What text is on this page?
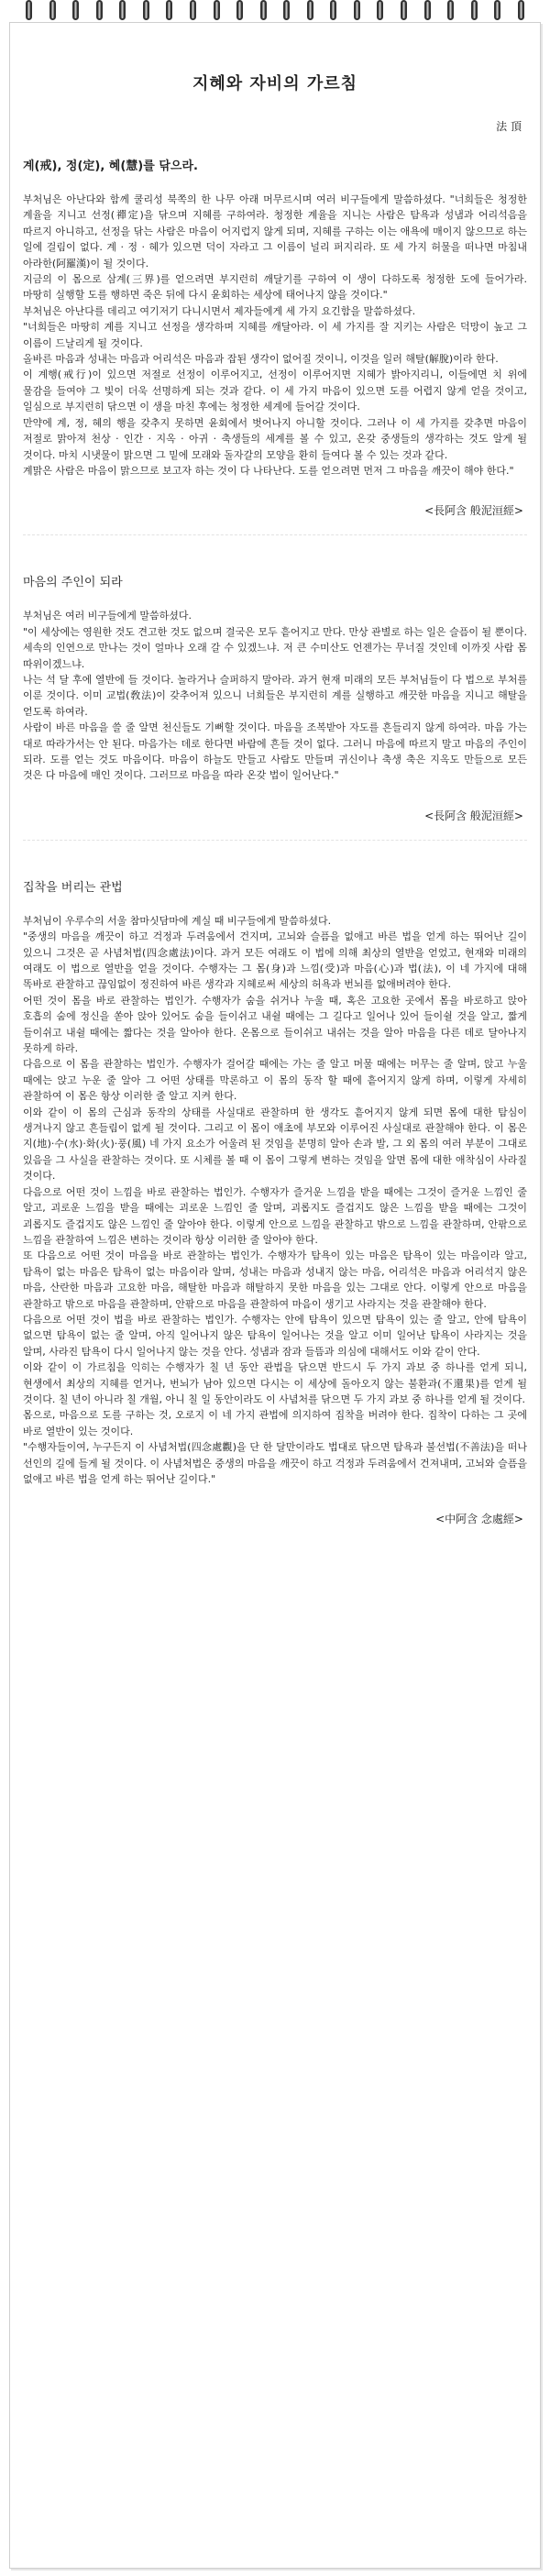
지혜와 자비의 가르침
法 頂
계(戒), 정(定), 혜(慧)를 닦으라.

부처님은 아난다와 함께 쿨리성 북쪽의 한 나무 아래 머무르시며 여러 비구들에게 말씀하셨다. "너희들은 청정한 계율을 지니고 선정(禪定)을 닦으며 지혜를 구하여라. 청정한 계율을 지니는 사람은 탐욕과 성냄과 어리석음을 따르지 아니하고, 선정을 닦는 사람은 마음이 어지럽지 않게 되며, 지혜를 구하는 이는 애욕에 매이지 않으므로 하는 일에 걸림이 없다. 계 · 정 · 혜가 있으면 덕이 자라고 그 이름이 널리 퍼지리라. 또 세 가지 허물을 떠나면 마침내 아라한(阿羅漢)이 될 것이다.

지금의 이 몸으로 삼계(三界)를 얻으려면 부지런히 깨달기를 구하여 이 생이 다하도록 청정한 도에 들어가라. 마땅히 실행할 도를 행하면 죽은 뒤에 다시 윤회하는 세상에 태어나지 않을 것이다."

부처님은 아난다를 데리고 여기저기 다니시면서 제자들에게 세 가지 요긴함을 말씀하셨다.

"너희들은 마땅히 계를 지니고 선정을 생각하며 지혜를 깨달아라. 이 세 가지를 잘 지키는 사람은 덕망이 높고 그 이름이 드날리게 될 것이다.

올바른 마음과 성내는 마음과 어리석은 마음과 잡된 생각이 없어질 것이니, 이것을 일러 해탈(解脫)이라 한다.

이 계행(戒行)이 있으면 저절로 선정이 이루어지고, 선정이 이루어지면 지혜가 밝아지리니, 이들에면 치 위에 물감을 들여야 그 빛이 더욱 선명하게 되는 것과 같다. 이 세 가지 마음이 있으면 도를 어렵지 않게 얻을 것이고, 일심으로 부지런히 닦으면 이 생을 마친 후에는 청정한 세계에 들어갈 것이다.

만약에 계, 정, 혜의 행을 갖추지 못하면 윤회에서 벗어나지 아니할 것이다. 그러나 이 세 가지를 갖추면 마음이 저절로 맑아져 천상 · 인간 · 지옥 · 아귀 · 축생들의 세계를 볼 수 있고, 온갖 중생들의 생각하는 것도 알게 될 것이다. 마치 시냇물이 맑으면 그 밑에 모래와 돌자갈의 모양을 환히 들여다 볼 수 있는 것과 같다.

계맑은 사람은 마음이 맑으므로 보고자 하는 것이 다 나타난다. 도를 얻으려면 먼저 그 마음을 깨끗이 해야 한다."

<長阿含 般泥洹經>
마음의 주인이 되라

부처님은 여러 비구들에게 말씀하셨다.

"이 세상에는 영원한 것도 견고한 것도 없으며 결국은 모두 흩어지고 만다. 만상 관별로 하는 일은 슬픔이 될 뿐이다. 세속의 인연으로 만나는 것이 얼마나 오래 갈 수 있겠느냐. 저 큰 수미산도 언젠가는 무너질 것인데 이까짓 사람 몸 따위이겠느냐.

나는 석 달 후에 열반에 들 것이다. 놀라거나 슬퍼하지 말아라. 과거 현재 미래의 모든 부처님들이 다 법으로 부처를 이룬 것이다. 이미 교법(敎法)이 갖추어져 있으니 너희들은 부지런히 계를 실행하고 깨끗한 마음을 지니고 해탈을 얻도록 하여라.

사람이 바른 마음을 쓸 줄 알면 천신들도 기뻐할 것이다. 마음을 조복받아 자도를 흔들리지 않게 하여라. 마음 가는 대로 따라가서는 안 된다. 마음가는 데로 한다면 바람에 흔들 것이 없다. 그러니 마음에 따르지 말고 마음의 주인이 되라. 도를 얻는 것도 마음이다. 마음이 하늘도 만들고 사람도 만들며 귀신이나 축생 축은 지옥도 만들으로 모든 것은 다 마음에 매인 것이다. 그러므로 마음을 따라 온갖 법이 일어난다."

<長阿含 般泥洹經>
집착을 버리는 관법

부처님이 우루수의 서울 참마싯담마에 계실 때 비구들에게 말씀하셨다.

"중생의 마음을 깨끗이 하고 걱정과 두려움에서 건지며, 고뇌와 슬픔을 없애고 바른 법을 얻게 하는 뛰어난 길이 있으니 그것은 곧 사념처법(四念處法)이다. 과거 모든 여래도 이 법에 의해 최상의 열반을 얻었고, 현재와 미래의 여래도 이 법으로 열반을 얻을 것이다. 수행자는 그 몸(身)과 느낌(受)과 마음(心)과 법(法), 이 네 가지에 대해 똑바로 관찰하고 끊임없이 정진하여 바른 생각과 지혜로써 세상의 허욕과 번뇌를 없애버려야 한다.

어떤 것이 몸을 바로 관찰하는 법인가. 수행자가 숨을 쉬거나 누울 때, 혹은 고요한 곳에서 몸을 바로하고 앉아 호흡의 숨에 정신을 쏟아 앉아 있어도 숨을 들이쉬고 내쉴 때에는 그 길다고 일어나 있어 들이쉴 것을 알고, 짧게 들이쉬고 내쉴 때에는 짧다는 것을 알아야 한다. 온몸으로 들이쉬고 내쉬는 것을 알아 마음을 다른 데로 달아나지 못하게 하라.

다음으로 이 몸을 관찰하는 법인가. 수행자가 걸어갈 때에는 가는 줄 알고 머물 때에는 머무는 줄 알며, 앉고 누울 때에는 앉고 누운 줄 알아 그 어떤 상태를 막론하고 이 몸의 동작 할 때에 흩어지지 않게 하며, 이렇게 자세히 관찰하여 이 몸은 항상 이러한 줄 알고 지켜 한다.

이와 같이 이 몸의 근심과 동작의 상태를 사실대로 관찰하며 한 생각도 흩어지지 않게 되면 몸에 대한 탐심이 생겨나지 않고 흔들림이 없게 될 것이다. 그리고 이 몸이 애초에 부모와 이루어진 사실대로 관찰해야 한다. 이 몸은 지(地)·수(水)·화(火)·풍(風) 네 가지 요소가 어울려 된 것임을 분명히 알아 손과 발, 그 외 몸의 여러 부분이 그대로 있음을 그 사실을 관찰하는 것이다. 또 시체를 볼 때 이 몸이 그렇게 변하는 것임을 알면 몸에 대한 애착심이 사라질 것이다.

다음으로 어떤 것이 느낌을 바로 관찰하는 법인가. 수행자가 즐거운 느낌을 받을 때에는 그것이 즐거운 느낌인 줄 알고, 괴로운 느낌을 받을 때에는 괴로운 느낌인 줄 알며, 괴롭지도 즐겁지도 않은 느낌을 받을 때에는 그것이 괴롭지도 즐겁지도 않은 느낌인 줄 알아야 한다. 이렇게 안으로 느낌을 관찰하고 밖으로 느낌을 관찰하며, 안팎으로 느낌을 관찰하여 느낌은 변하는 것이라 항상 이러한 줄 알아야 한다.

또 다음으로 어떤 것이 마음을 바로 관찰하는 법인가. 수행자가 탐욕이 있는 마음은 탐욕이 있는 마음이라 알고, 탐욕이 없는 마음은 탐욕이 없는 마음이라 알며, 성내는 마음과 성내지 않는 마음, 어리석은 마음과 어리석지 않은 마음, 산란한 마음과 고요한 마음, 해탈한 마음과 해탈하지 못한 마음을 있는 그대로 안다. 이렇게 안으로 마음을 관찰하고 밖으로 마음을 관찰하며, 안팎으로 마음을 관찰하여 마음이 생기고 사라지는 것을 관찰해야 한다.

다음으로 어떤 것이 법을 바로 관찰하는 법인가. 수행자는 안에 탐욕이 있으면 탐욕이 있는 줄 알고, 안에 탐욕이 없으면 탐욕이 없는 줄 알며, 아직 일어나지 않은 탐욕이 일어나는 것을 알고 이미 일어난 탐욕이 사라지는 것을 알며, 사라진 탐욕이 다시 일어나지 않는 것을 안다. 성냄과 잠과 들뜸과 의심에 대해서도 이와 같이 안다.

이와 같이 이 가르침을 익히는 수행자가 칠 년 동안 관법을 닦으면 반드시 두 가지 과보 중 하나를 얻게 되니, 현생에서 최상의 지혜를 얻거나, 번뇌가 남아 있으면 다시는 이 세상에 돌아오지 않는 불환과(不還果)를 얻게 될 것이다. 칠 년이 아니라 칠 개월, 아니 칠 일 동안이라도 이 사념처를 닦으면 두 가지 과보 중 하나를 얻게 될 것이다.

몸으로, 마음으로 도를 구하는 것, 오로지 이 네 가지 관법에 의지하여 집착을 버려야 한다. 집착이 다하는 그 곳에 바로 열반이 있는 것이다.

"수행자들이여, 누구든지 이 사념처법(四念處觀)을 단 한 달만이라도 법대로 닦으면 탐욕과 불선법(不善法)을 떠나 선인의 길에 들게 될 것이다. 이 사념처법은 중생의 마음을 깨끗이 하고 걱정과 두려움에서 건져내며, 고뇌와 슬픔을 없애고 바른 법을 얻게 하는 뛰어난 길이다."

<中阿含 念處經>
